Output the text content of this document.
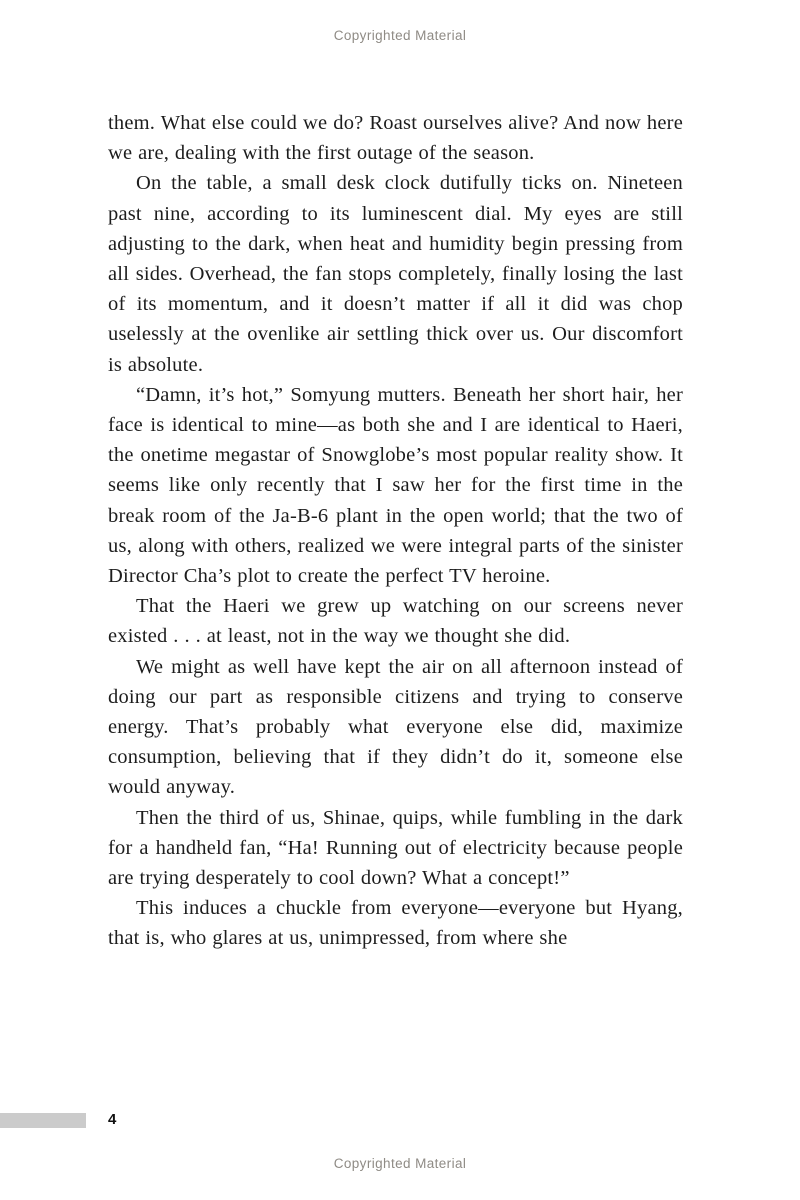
Copyrighted Material

them. What else could we do? Roast ourselves alive? And now here we are, dealing with the first outage of the season.

On the table, a small desk clock dutifully ticks on. Nineteen past nine, according to its luminescent dial. My eyes are still adjusting to the dark, when heat and humidity begin pressing from all sides. Overhead, the fan stops completely, finally losing the last of its momentum, and it doesn’t matter if all it did was chop uselessly at the ovenlike air settling thick over us. Our discomfort is absolute.

“Damn, it’s hot,” Somyung mutters. Beneath her short hair, her face is identical to mine—as both she and I are identical to Haeri, the onetime megastar of Snowglobe’s most popular reality show. It seems like only recently that I saw her for the first time in the break room of the Ja-B-6 plant in the open world; that the two of us, along with others, realized we were integral parts of the sinister Director Cha’s plot to create the perfect TV heroine.

That the Haeri we grew up watching on our screens never existed . . . at least, not in the way we thought she did.

We might as well have kept the air on all afternoon instead of doing our part as responsible citizens and trying to conserve energy. That’s probably what everyone else did, maximize consumption, believing that if they didn’t do it, someone else would anyway.

Then the third of us, Shinae, quips, while fumbling in the dark for a handheld fan, “Ha! Running out of electricity because people are trying desperately to cool down? What a concept!”

This induces a chuckle from everyone—everyone but Hyang, that is, who glares at us, unimpressed, from where she

4
Copyrighted Material
